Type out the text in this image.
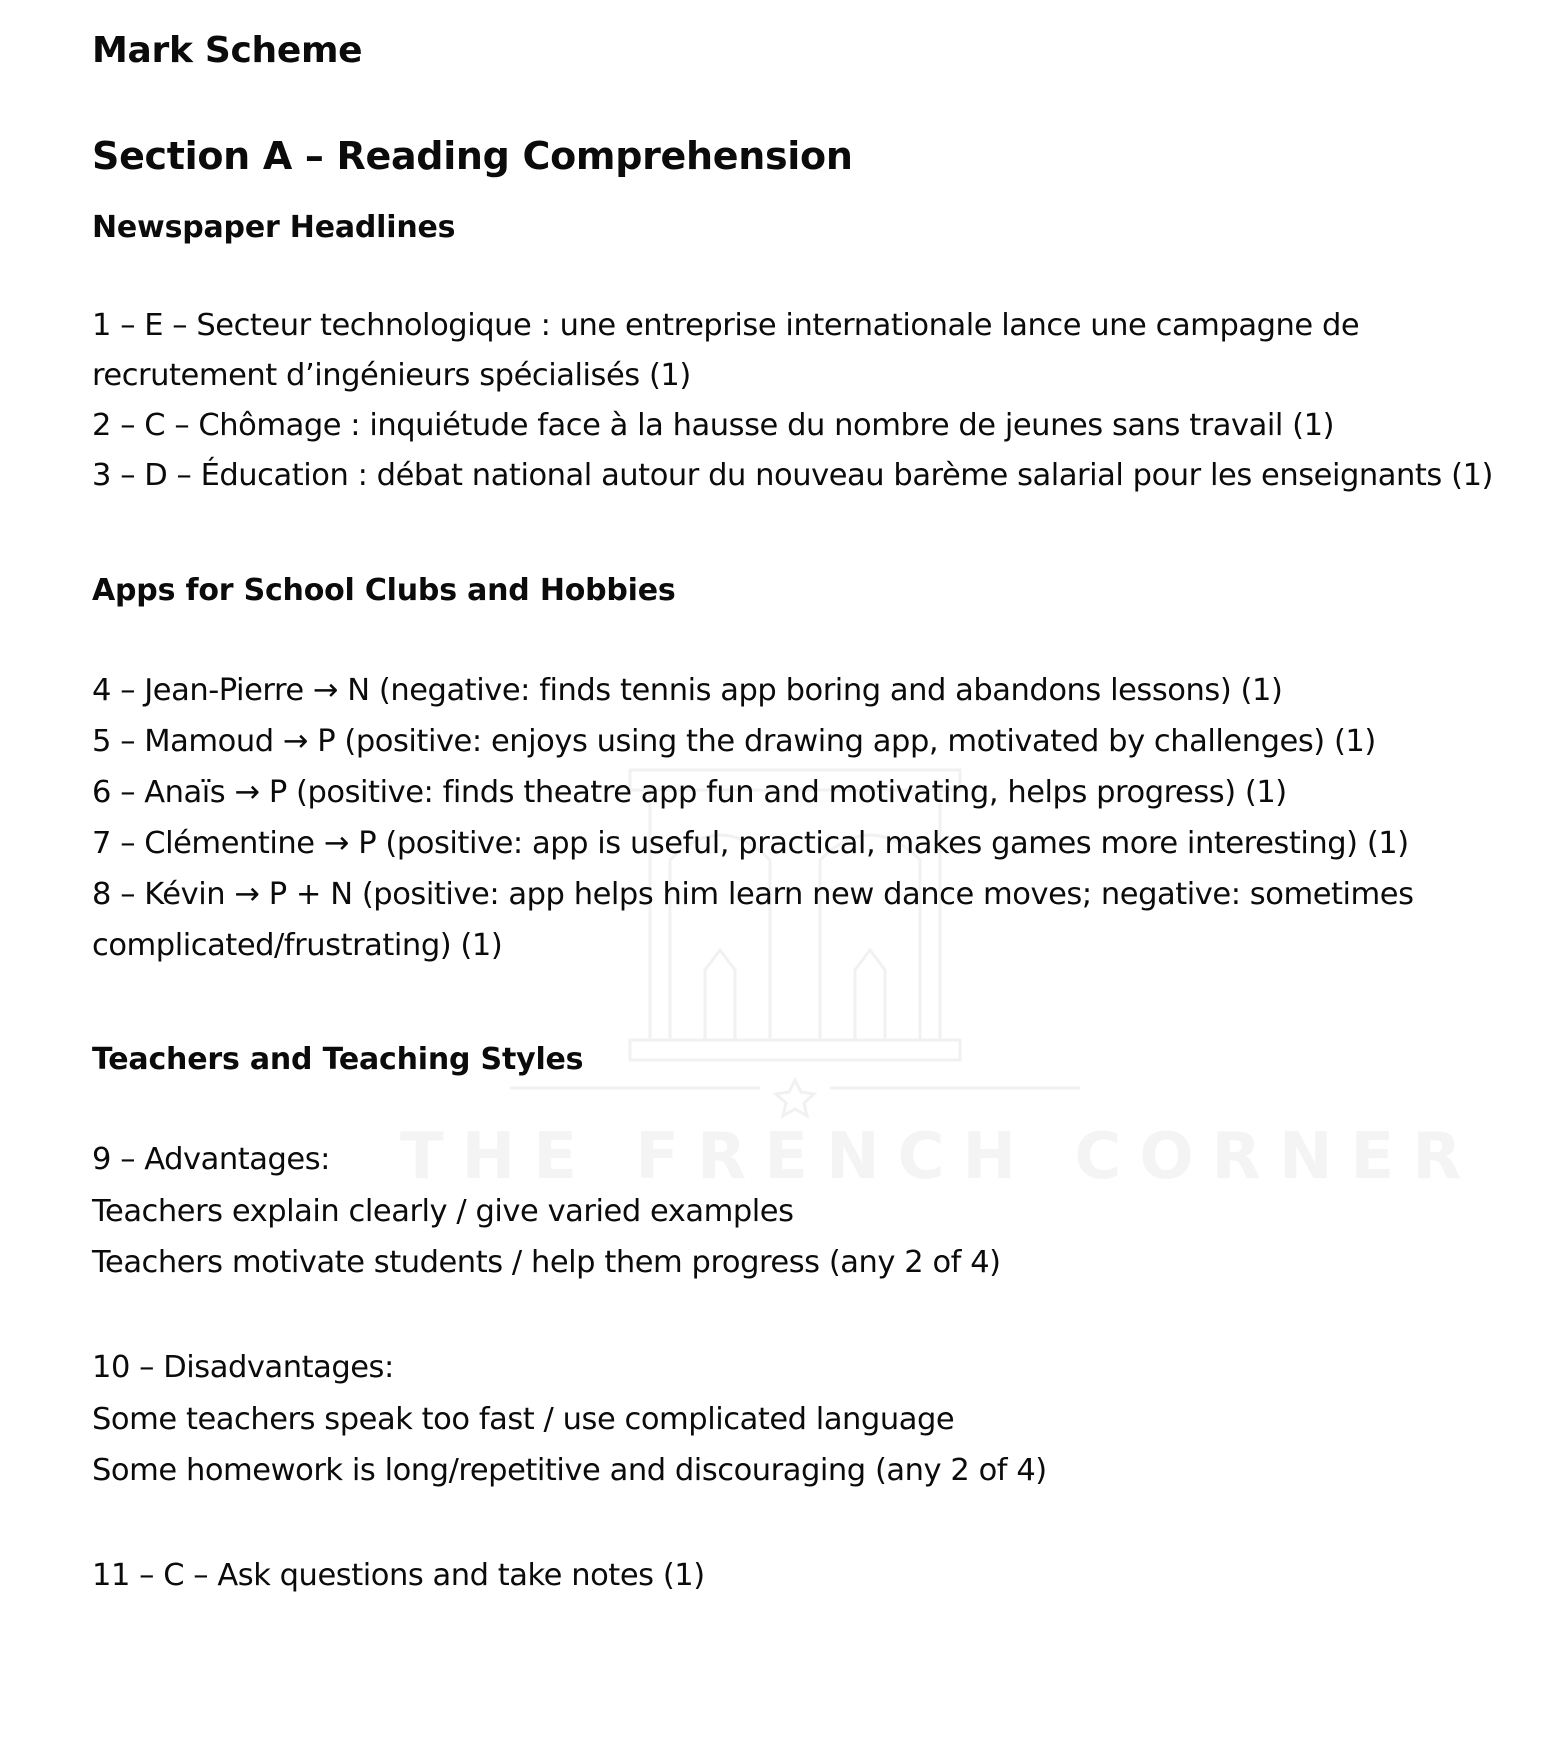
THE FRENCH CORNER
Mark Scheme
Section A – Reading Comprehension
Newspaper Headlines

1 – E – Secteur technologique : une entreprise internationale lance une campagne de

recrutement d’ingénieurs spécialisés (1)

2 – C – Chômage : inquiétude face à la hausse du nombre de jeunes sans travail (1)

3 – D – Éducation : débat national autour du nouveau barème salarial pour les enseignants (1)

Apps for School Clubs and Hobbies

4 – Jean-Pierre → N (negative: finds tennis app boring and abandons lessons) (1)

5 – Mamoud → P (positive: enjoys using the drawing app, motivated by challenges) (1)

6 – Anaïs → P (positive: finds theatre app fun and motivating, helps progress) (1)

7 – Clémentine → P (positive: app is useful, practical, makes games more interesting) (1)

8 – Kévin → P + N (positive: app helps him learn new dance moves; negative: sometimes

complicated/frustrating) (1)

Teachers and Teaching Styles

9 – Advantages:

Teachers explain clearly / give varied examples

Teachers motivate students / help them progress (any 2 of 4)

10 – Disadvantages:

Some teachers speak too fast / use complicated language

Some homework is long/repetitive and discouraging (any 2 of 4)

11 – C – Ask questions and take notes (1)
